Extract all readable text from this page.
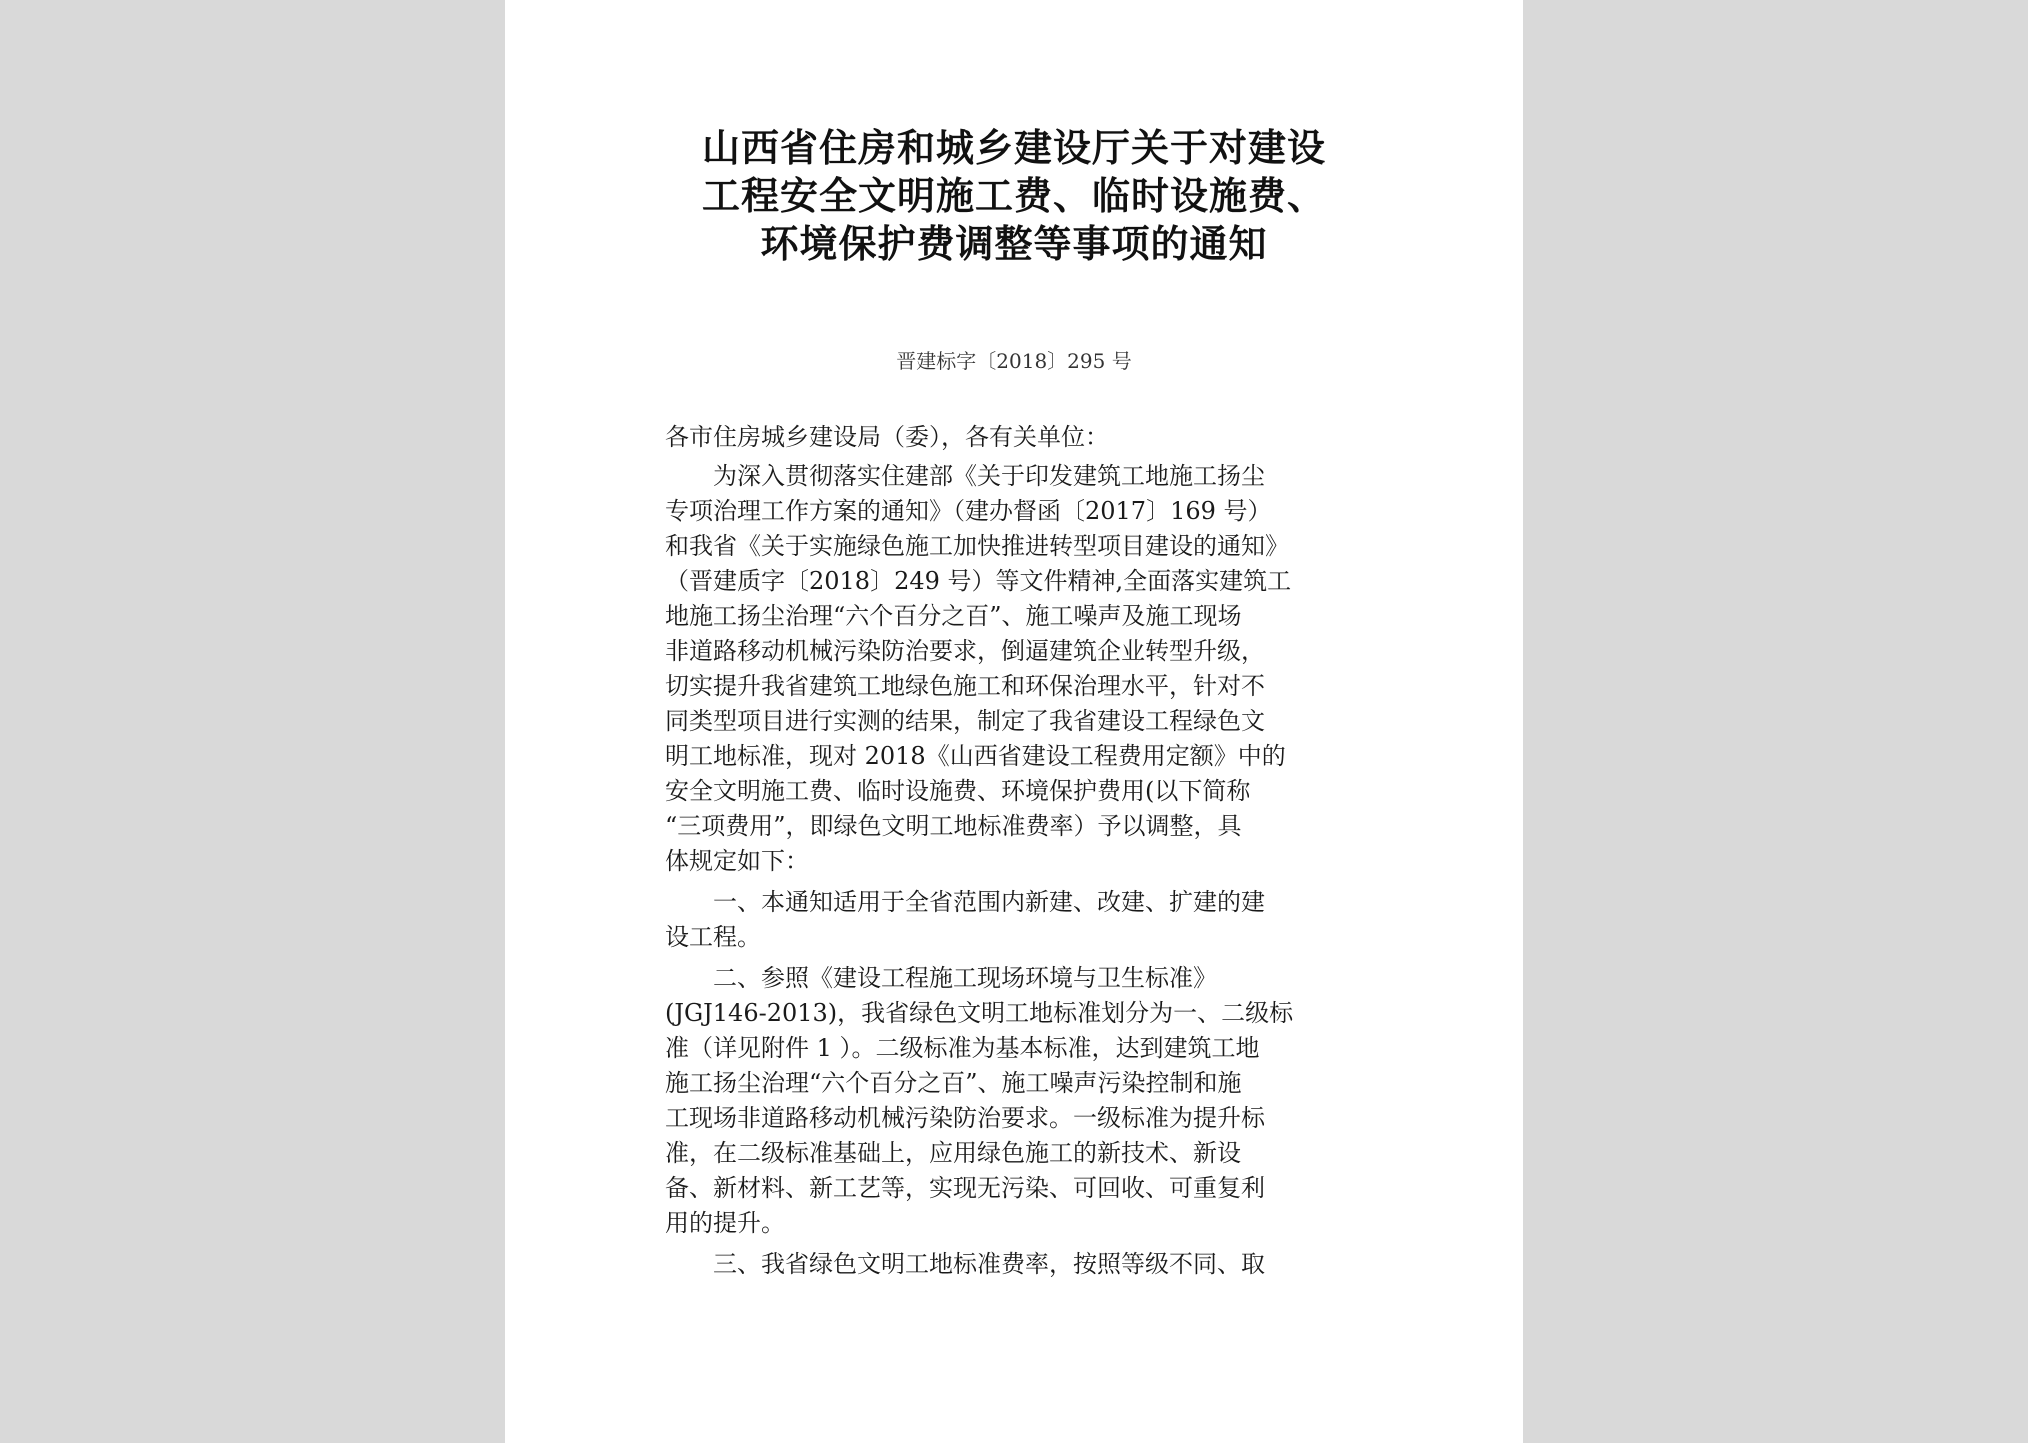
山西省住房和城乡建设厅关于对建设
工程安全文明施工费、临时设施费、
环境保护费调整等事项的通知
晋建标字〔2018〕295 号
各市住房城乡建设局（委），各有关单位：
为深入贯彻落实住建部《关于印发建筑工地施工扬尘
专项治理工作方案的通知》（建办督函〔2017〕169 号）
和我省《关于实施绿色施工加快推进转型项目建设的通知》
（晋建质字〔2018〕249 号）等文件精神,全面落实建筑工
地施工扬尘治理“六个百分之百”、施工噪声及施工现场
非道路移动机械污染防治要求，倒逼建筑企业转型升级，
切实提升我省建筑工地绿色施工和环保治理水平，针对不
同类型项目进行实测的结果，制定了我省建设工程绿色文
明工地标准，现对 2018《山西省建设工程费用定额》中的
安全文明施工费、临时设施费、环境保护费用(以下简称
“三项费用”，即绿色文明工地标准费率）予以调整，具
体规定如下：
一、本通知适用于全省范围内新建、改建、扩建的建
设工程。
二、参照《建设工程施工现场环境与卫生标准》
(JGJ146-2013)，我省绿色文明工地标准划分为一、二级标
准（详见附件 1 ）。二级标准为基本标准，达到建筑工地
施工扬尘治理“六个百分之百”、施工噪声污染控制和施
工现场非道路移动机械污染防治要求。一级标准为提升标
准，在二级标准基础上，应用绿色施工的新技术、新设
备、新材料、新工艺等，实现无污染、可回收、可重复利
用的提升。
三、我省绿色文明工地标准费率，按照等级不同、取
